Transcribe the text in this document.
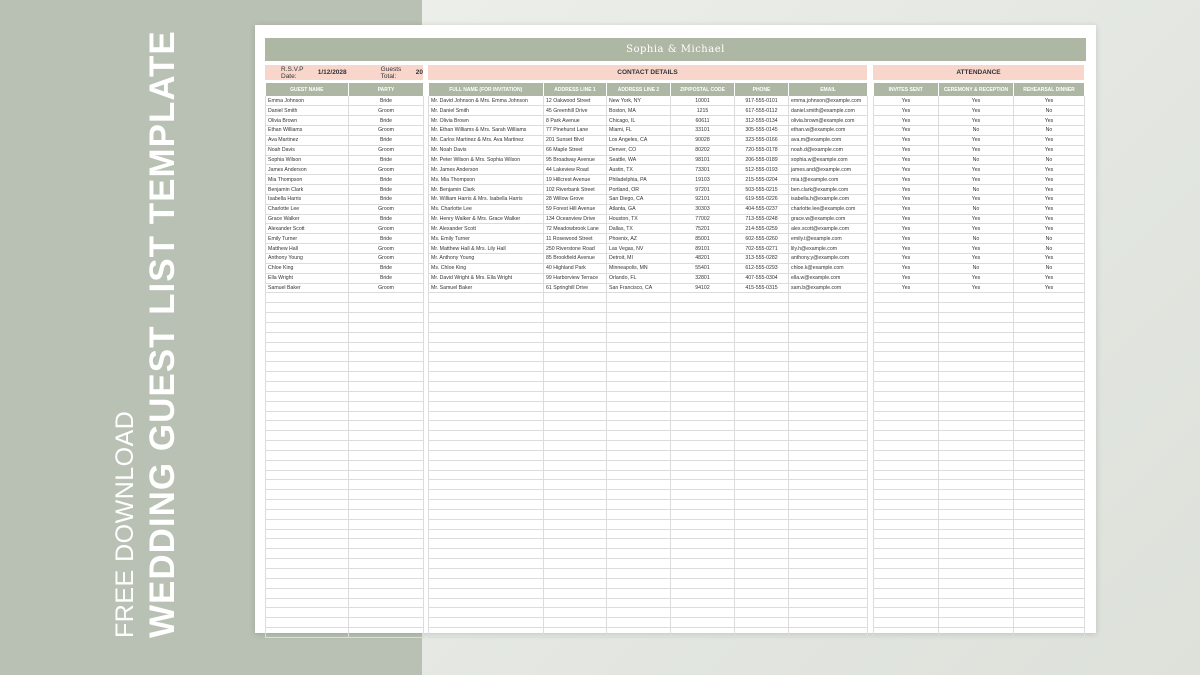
FREE DOWNLOAD WEDDING GUEST LIST TEMPLATE	Sophia & Michael
R.S.V.P Date:	1/12/2028	Guests Total:	20	CONTACT DETAILS	ATTENDANCE
GUEST NAME	PARTY
Emma Johnson	Bride
Daniel Smith	Groom
Olivia Brown	Bride
Ethan Williams	Groom
Ava Martinez	Bride
Noah Davis	Groom
Sophia Wilson	Bride
James Anderson	Groom
Mia Thompson	Bride
Benjamin Clark	Bride
Isabella Harris	Bride
Charlotte Lee	Groom
Grace Walker	Bride
Alexander Scott	Groom
Emily Turner	Bride
Matthew Hall	Groom
Anthony Young	Groom
Chloe King	Bride
Ella Wright	Bride
Samuel Baker	Groom

FULL NAME (FOR INVITATION)	ADDRESS LINE 1	ADDRESS LINE 2	ZIP/POSTAL CODE	PHONE	EMAIL
Mr. David Johnson & Mrs. Emma Johnson	12 Oakwood Street	New York, NY	10001	917-555-0101	emma.johnson@example.com
Mr. Daniel Smith	45 Greenhill Drive	Boston, MA	1215	617-555-0112	daniel.smith@example.com
Mr. Olivia Brown	8 Park Avenue	Chicago, IL	60611	312-555-0134	olivia.brown@example.com
Mr. Ethan Williams & Mrs. Sarah Williams	77 Pinehurst Lane	Miami, FL	33101	305-555-0145	ethan.w@example.com
Mr. Carlos Martinez & Mrs. Ava Martinez	201 Sunset Blvd	Los Angeles, CA	90028	323-555-0166	ava.m@example.com
Mr. Noah Davis	66 Maple Street	Denver, CO	80202	720-555-0178	noah.d@example.com
Mr. Peter Wilson & Mrs. Sophia Wilson	95 Broadway Avenue	Seattle, WA	98101	206-555-0189	sophia.w@example.com
Mr. James Anderson	44 Lakeview Road	Austin, TX	73301	512-555-0193	james.and@example.com
Ms. Mia Thompson	19 Hillcrest Avenue	Philadelphia, PA	19103	215-555-0204	mia.t@example.com
Mr. Benjamin Clark	102 Riverbank Street	Portland, OR	97201	503-555-0215	ben.clark@example.com
Mr. William Harris & Mrs. Isabella Harris	28 Willow Grove	San Diego, CA	92101	619-555-0226	isabella.h@example.com
Ms. Charlotte Lee	59 Forest Hill Avenue	Atlanta, GA	30303	404-555-0237	charlotte.lee@example.com
Mr. Henry Walker & Mrs. Grace Walker	134 Oceanview Drive	Houston, TX	77002	713-555-0248	grace.w@example.com
Mr. Alexander Scott	72 Meadowbrook Lane	Dallas, TX	75201	214-555-0259	alex.scott@example.com
Ms. Emily Turner	11 Rosewood Street	Phoenix, AZ	85001	602-555-0260	emily.t@example.com
Mr. Matthew Hall & Mrs. Lily Hall	250 Riverstone Road	Las Vegas, NV	89101	702-555-0271	lily.h@example.com
Mr. Anthony Young	85 Brookfield Avenue	Detroit, MI	48201	313-555-0282	anthony.y@example.com
Ms. Chloe King	40 Highland Park	Minneapolis, MN	55401	612-555-0293	chloe.k@example.com
Mr. David Wright & Mrs. Ella Wright	99 Harborview Terrace	Orlando, FL	32801	407-555-0304	ella.w@example.com
Mr. Samuel Baker	61 Springhill Drive	San Francisco, CA	94102	415-555-0315	sam.b@example.com

INVITES SENT	CEREMONY & RECEPTION	REHEARSAL DINNER
Yes	Yes	Yes
Yes	Yes	No
Yes	Yes	Yes
Yes	No	No
Yes	Yes	Yes
Yes	Yes	Yes
Yes	No	No
Yes	Yes	Yes
Yes	Yes	Yes
Yes	No	Yes
Yes	Yes	Yes
Yes	No	Yes
Yes	Yes	Yes
Yes	Yes	Yes
Yes	No	No
Yes	Yes	No
Yes	Yes	Yes
Yes	No	No
Yes	Yes	Yes
Yes	Yes	Yes
